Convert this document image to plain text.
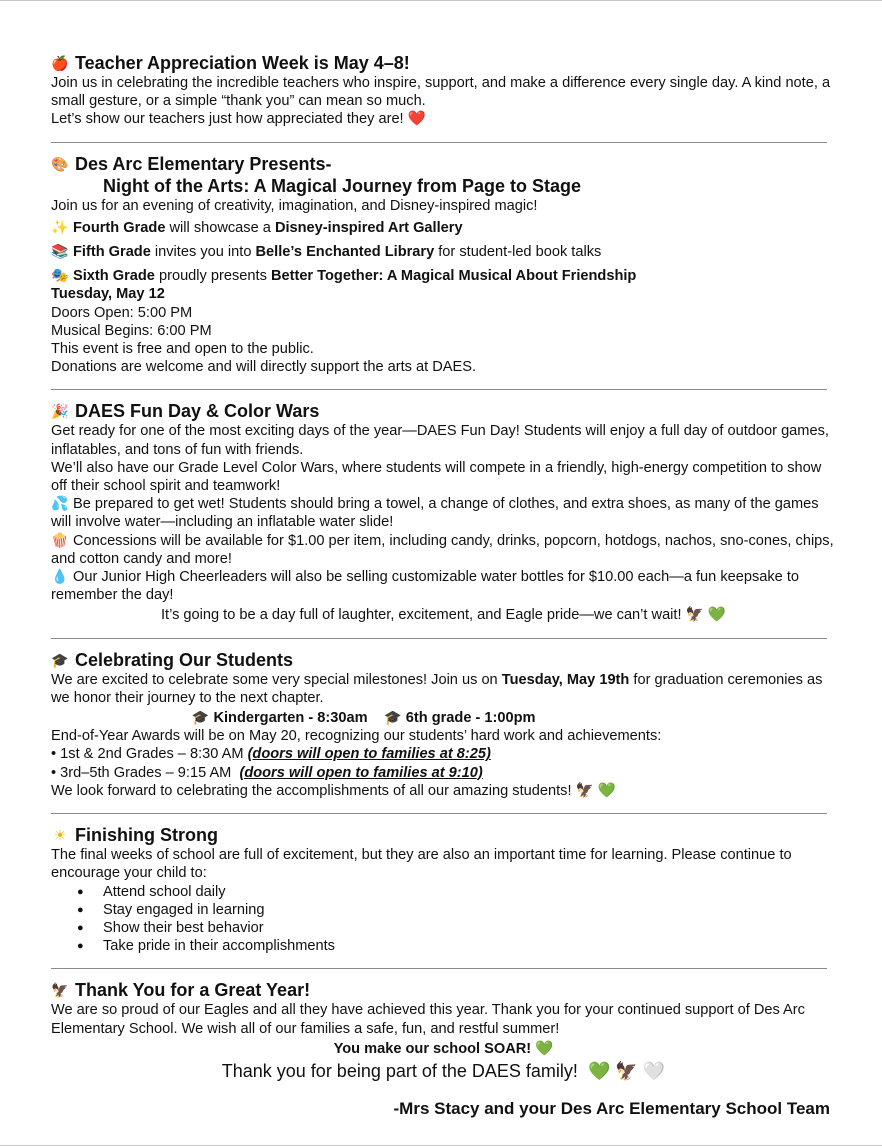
🍎 Teacher Appreciation Week is May 4–8!

Join us in celebrating the incredible teachers who inspire, support, and make a difference every single day. A kind note, a small gesture, or a simple “thank you” can mean so much.

Let’s show our teachers just how appreciated they are! ❤️

🎨 Des Arc Elementary Presents-
Night of the Arts: A Magical Journey from Page to Stage

Join us for an evening of creativity, imagination, and Disney-inspired magic!

✨ Fourth Grade will showcase a Disney-inspired Art Gallery

📚 Fifth Grade invites you into Belle’s Enchanted Library for student-led book talks

🎭 Sixth Grade proudly presents Better Together: A Magical Musical About Friendship

Tuesday, May 12

Doors Open: 5:00 PM

Musical Begins: 6:00 PM

This event is free and open to the public.

Donations are welcome and will directly support the arts at DAES.

🎉 DAES Fun Day & Color Wars

Get ready for one of the most exciting days of the year—DAES Fun Day! Students will enjoy a full day of outdoor games, inflatables, and tons of fun with friends.

We’ll also have our Grade Level Color Wars, where students will compete in a friendly, high-energy competition to show off their school spirit and teamwork!

💦 Be prepared to get wet! Students should bring a towel, a change of clothes, and extra shoes, as many of the games will involve water—including an inflatable water slide!

🍿 Concessions will be available for $1.00 per item, including candy, drinks, popcorn, hotdogs, nachos, sno-cones, chips, and cotton candy and more!

💧 Our Junior High Cheerleaders will also be selling customizable water bottles for $10.00 each—a fun keepsake to remember the day!

It’s going to be a day full of laughter, excitement, and Eagle pride—we can’t wait! 🦅 💚

🎓 Celebrating Our Students

We are excited to celebrate some very special milestones! Join us on Tuesday, May 19th for graduation ceremonies as we honor their journey to the next chapter.

🎓 Kindergarten - 8:30am 🎓 6th grade - 1:00pm

End-of-Year Awards will be on May 20, recognizing our students’ hard work and achievements:

• 1st & 2nd Grades – 8:30 AM (doors will open to families at 8:25)

• 3rd–5th Grades – 9:15 AM  (doors will open to families at 9:10)

We look forward to celebrating the accomplishments of all our amazing students! 🦅 💚

☀ Finishing Strong

The final weeks of school are full of excitement, but they are also an important time for learning. Please continue to encourage your child to:

● Attend school daily
● Stay engaged in learning
● Show their best behavior
● Take pride in their accomplishments
🦅 Thank You for a Great Year!

We are so proud of our Eagles and all they have achieved this year. Thank you for your continued support of Des Arc Elementary School. We wish all of our families a safe, fun, and restful summer!

You make our school SOAR! 💚

Thank you for being part of the DAES family! 💚 🦅 🤍

-Mrs Stacy and your Des Arc Elementary School Team
